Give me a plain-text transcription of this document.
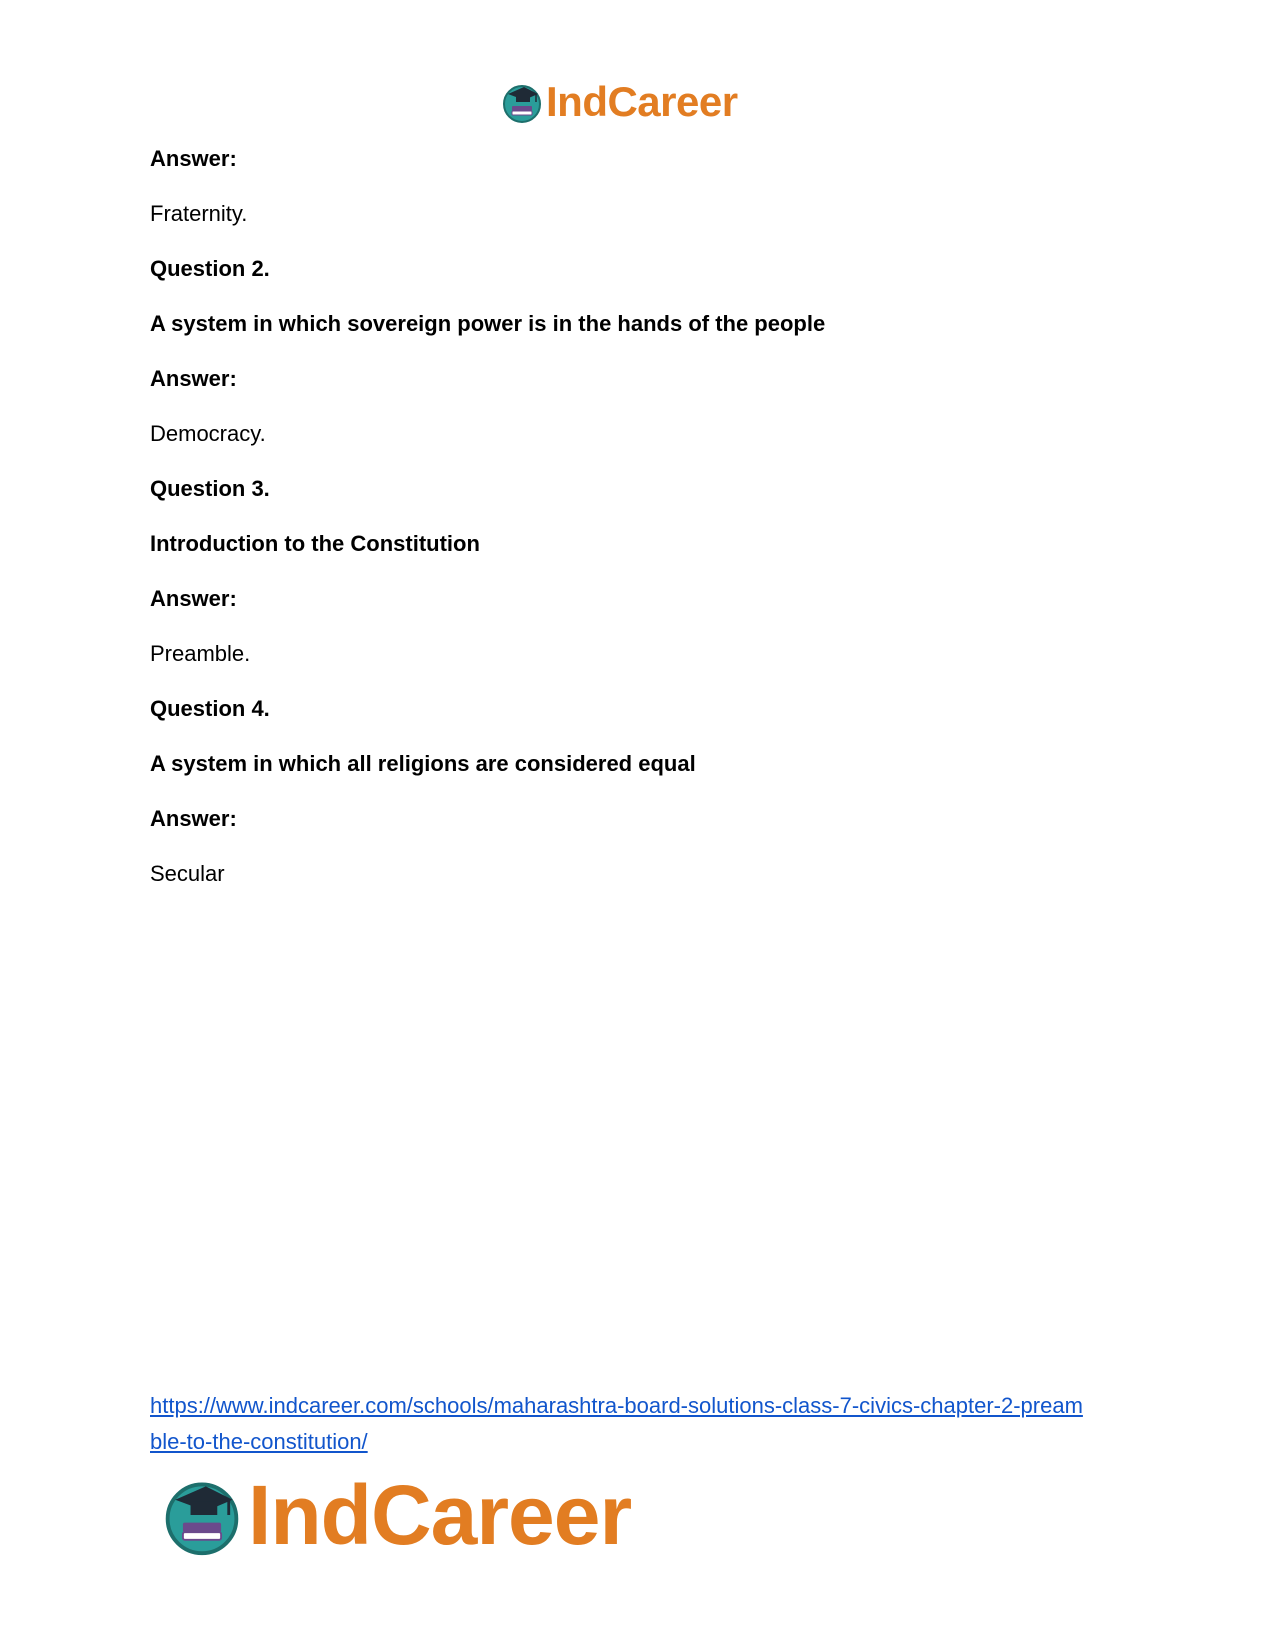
IndCareer
Answer:
Fraternity.
Question 2.
A system in which sovereign power is in the hands of the people
Answer:
Democracy.
Question 3.
Introduction to the Constitution
Answer:
Preamble.
Question 4.
A system in which all religions are considered equal
Answer:
Secular
https://www.indcareer.com/schools/maharashtra-board-solutions-class-7-civics-chapter-2-pream
ble-to-the-constitution/
IndCareer
